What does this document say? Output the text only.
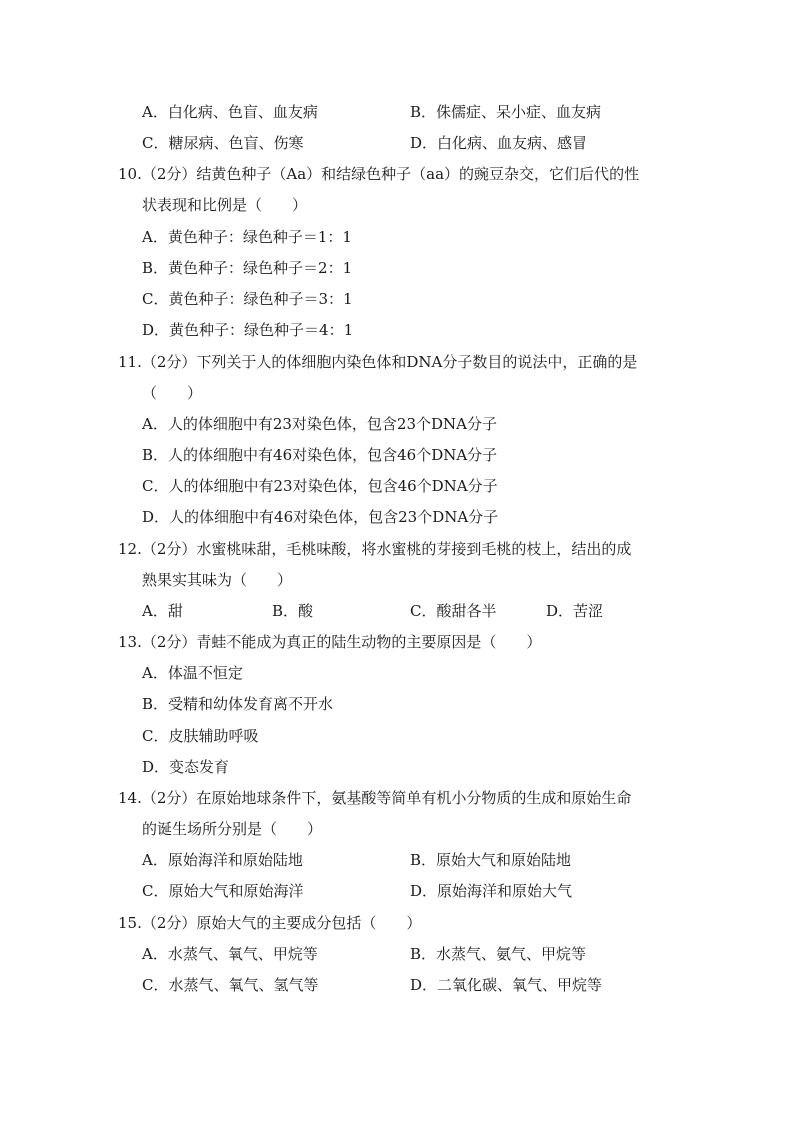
A．白化病、色盲、血友病	B．侏儒症、呆小症、血友病
C．糖尿病、色盲、伤寒	D．白化病、血友病、感冒
10.（2分）结黄色种子（Aa）和结绿色种子（aa）的豌豆杂交，它们后代的性
状表现和比例是（　　）
A．黄色种子：绿色种子＝1：1
B．黄色种子：绿色种子＝2：1
C．黄色种子：绿色种子＝3：1
D．黄色种子：绿色种子＝4：1
11.（2分）下列关于人的体细胞内染色体和DNA分子数目的说法中，正确的是
（　　）
A．人的体细胞中有23对染色体，包含23个DNA分子
B．人的体细胞中有46对染色体，包含46个DNA分子
C．人的体细胞中有23对染色体，包含46个DNA分子
D．人的体细胞中有46对染色体，包含23个DNA分子
12.（2分）水蜜桃味甜，毛桃味酸，将水蜜桃的芽接到毛桃的枝上，结出的成
熟果实其味为（　　）
A．甜	B．酸	C．酸甜各半	D．苦涩
13.（2分）青蛙不能成为真正的陆生动物的主要原因是（　　）
A．体温不恒定
B．受精和幼体发育离不开水
C．皮肤辅助呼吸
D．变态发育
14.（2分）在原始地球条件下，氨基酸等简单有机小分物质的生成和原始生命
的诞生场所分别是（　　）
A．原始海洋和原始陆地	B．原始大气和原始陆地
C．原始大气和原始海洋	D．原始海洋和原始大气
15.（2分）原始大气的主要成分包括（　　）
A．水蒸气、氧气、甲烷等	B．水蒸气、氨气、甲烷等
C．水蒸气、氧气、氢气等	D．二氧化碳、氧气、甲烷等
